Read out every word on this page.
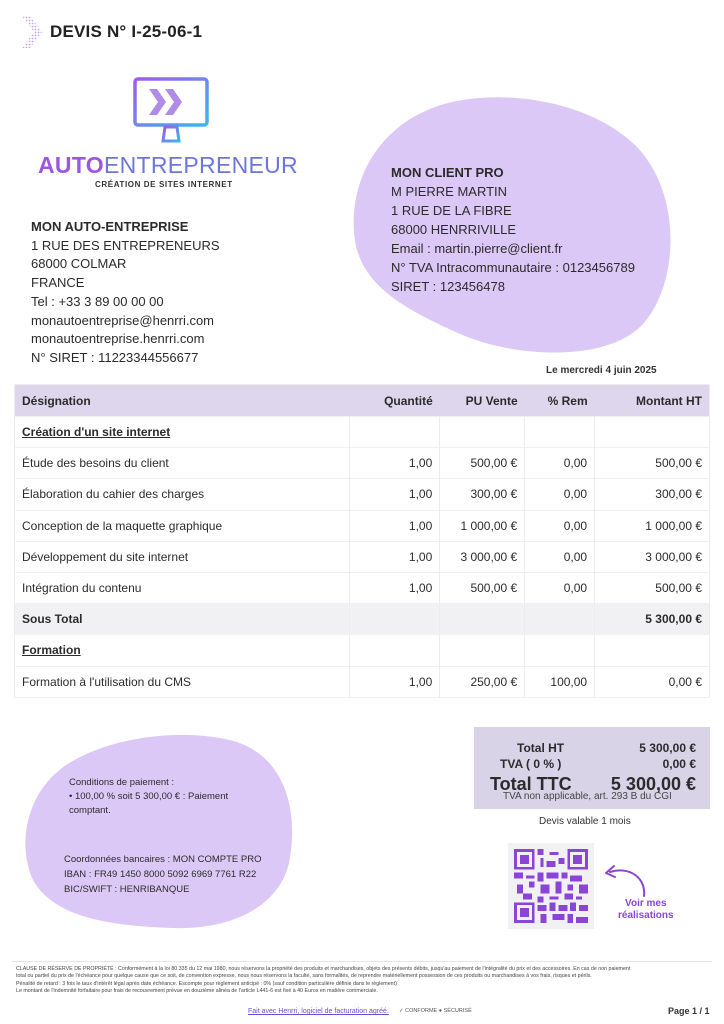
DEVIS N° I-25-06-1
AUTOENTREPRENEUR
CRÉATION DE SITES INTERNET
MON AUTO-ENTREPRISE
1 RUE DES ENTREPRENEURS
68000 COLMAR
FRANCE
Tel : +33 3 89 00 00 00
monautoentreprise@henrri.com
monautoentreprise.henrri.com
N° SIRET : 11223344556677
MON CLIENT PRO
M PIERRE MARTIN
1 RUE DE LA FIBRE
68000 HENRRIVILLE
Email : martin.pierre@client.fr
N° TVA Intracommunautaire : 0123456789
SIRET : 123456478
Le mercredi 4 juin 2025
Désignation	Quantité	PU Vente	% Rem	Montant HT
Création d'un site internet				
Étude des besoins du client	1,00	500,00 €	0,00	500,00 €
Élaboration du cahier des charges	1,00	300,00 €	0,00	300,00 €
Conception de la maquette graphique	1,00	1 000,00 €	0,00	1 000,00 €
Développement du site internet	1,00	3 000,00 €	0,00	3 000,00 €
Intégration du contenu	1,00	500,00 €	0,00	500,00 €
Sous Total				5 300,00 €
Formation				
Formation à l'utilisation du CMS	1,00	250,00 €	100,00	0,00 €
Conditions de paiement :
• 100,00 % soit 5 300,00 € : Paiement
comptant.
Coordonnées bancaires : MON COMPTE PRO
IBAN : FR49 1450 8000 5092 6969 7761 R22
BIC/SWIFT : HENRIBANQUE
Total HT	5 300,00 €
TVA ( 0 % )	0,00 €
Total TTC 5 300,00 €
TVA non applicable, art. 293 B du CGI
Devis valable 1 mois
Voir mes
réalisations
CLAUSE DE RÉSERVE DE PROPRIÉTÉ : Conformément à la loi 80.335 du 12 mai 1980, nous réservons la propriété des produits et marchandises, objets des présents débits, jusqu'au paiement de l'intégralité du prix et des accessoires. En cas de non paiement
total ou partiel du prix de l'échéance pour quelque cause que ce soit, de convention expresse, nous nous réservons la faculté, sans formalités, de reprendre matériellement possession de ces produits ou marchandises à vos frais, risques et périls.
Pénalité de retard : 3 fois le taux d'intérêt légal après date échéance. Escompte pour règlement anticipé : 0% (sauf condition particulière définie dans le règlement)
Le montant de l'indemnité forfaitaire pour frais de recouvrement prévue en douzième alinéa de l'article L441-6 est fixé à 40 Euros en matière commerciale.
Fait avec Henrri, logiciel de facturation agréé. ✓ CONFORME ● SÉCURISÉ	Page 1 / 1
